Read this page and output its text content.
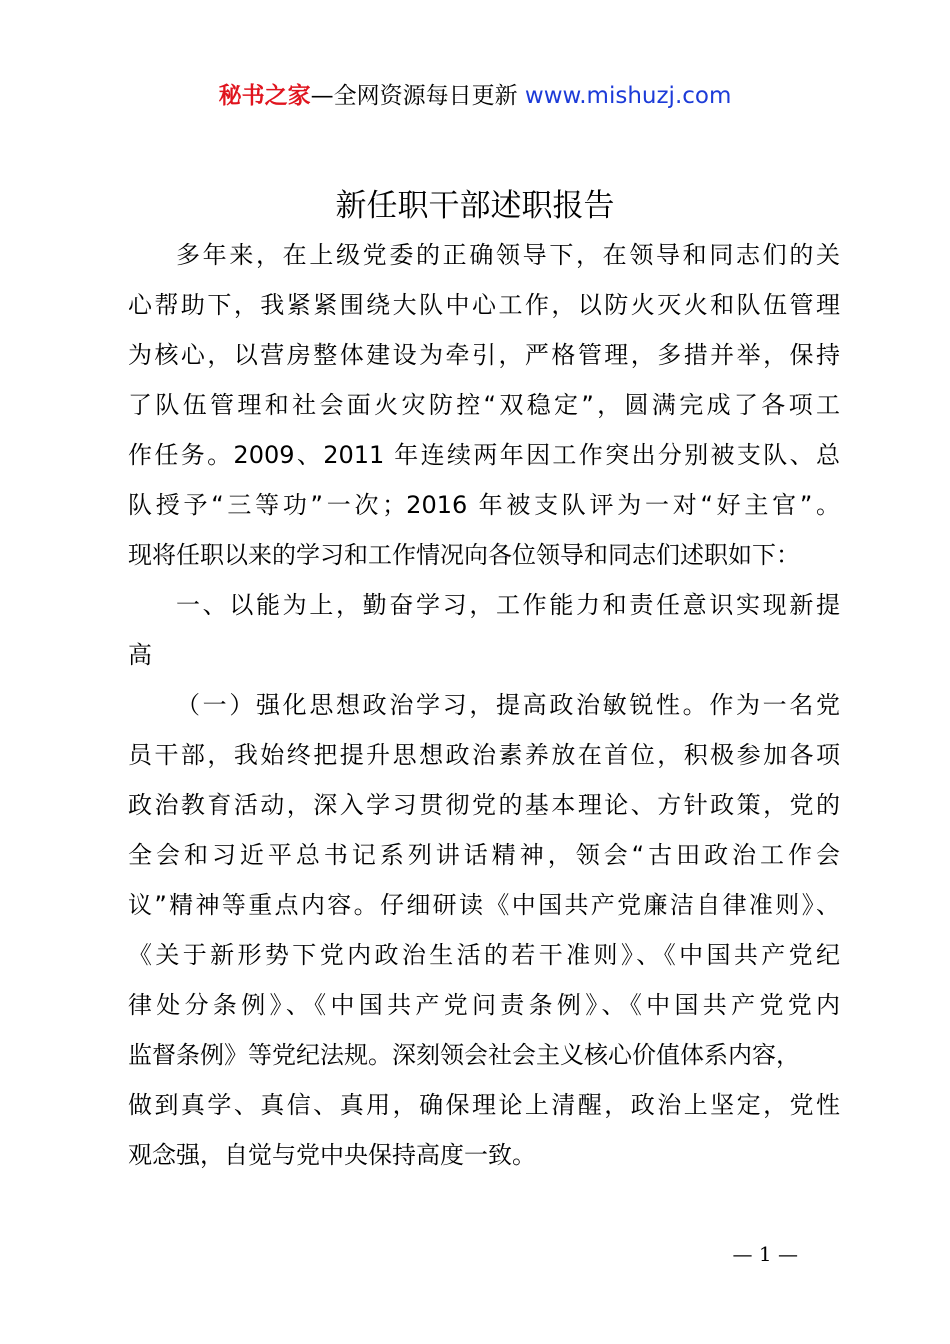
秘书之家—全网资源每日更新 www.mishuzj.com
新任职干部述职报告
多年来，在上级党委的正确领导下，在领导和同志们的关
心帮助下，我紧紧围绕大队中心工作，以防火灭火和队伍管理
为核心，以营房整体建设为牵引，严格管理，多措并举，保持
了队伍管理和社会面火灾防控“双稳定”，圆满完成了各项工
作任务。2009、2011 年连续两年因工作突出分别被支队、总
队授予“三等功”一次；2016 年被支队评为一对“好主官”。
现将任职以来的学习和工作情况向各位领导和同志们述职如下：
一、以能为上，勤奋学习，工作能力和责任意识实现新提
高
（一）强化思想政治学习，提高政治敏锐性。作为一名党
员干部，我始终把提升思想政治素养放在首位，积极参加各项
政治教育活动，深入学习贯彻党的基本理论、方针政策，党的
全会和习近平总书记系列讲话精神，领会“古田政治工作会
议”精神等重点内容。仔细研读《中国共产党廉洁自律准则》、
《关于新形势下党内政治生活的若干准则》、《中国共产党纪
律处分条例》、《中国共产党问责条例》、《中国共产党党内
监督条例》等党纪法规。深刻领会社会主义核心价值体系内容，
做到真学、真信、真用，确保理论上清醒，政治上坚定，党性
观念强，自觉与党中央保持高度一致。
— 1 —
